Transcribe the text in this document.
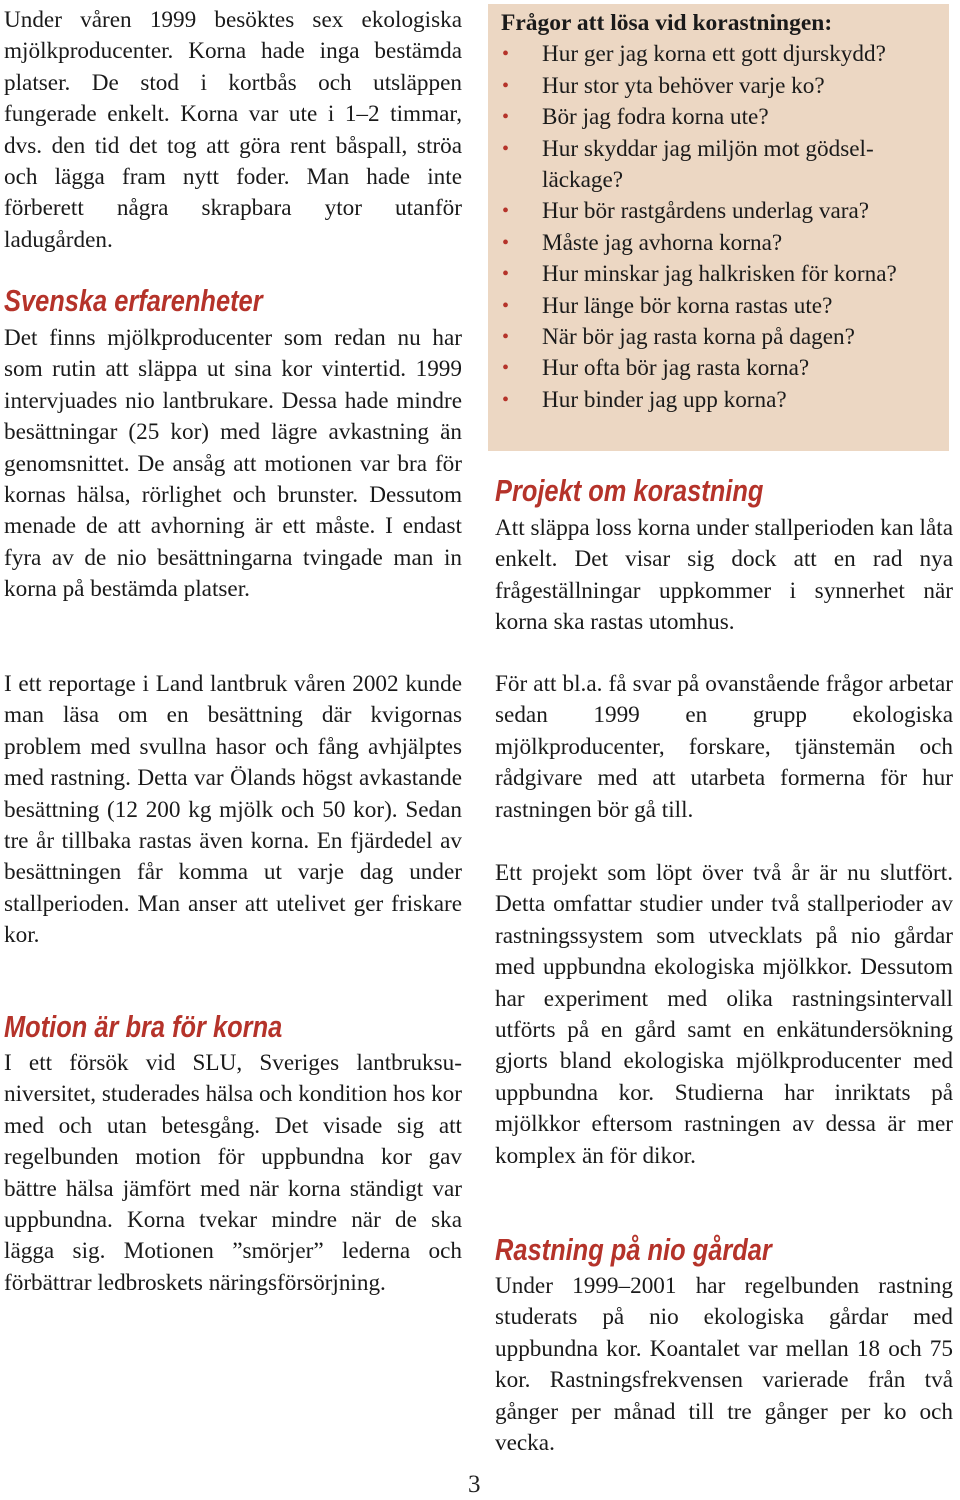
Under våren 1999 besöktes sex ekologiska mjölkproducenter. Korna hade inga bestämda platser. De stod i kortbås och utsläppen fungerade enkelt. Korna var ute i 1–2 timmar, dvs. den tid det tog att göra rent båspall, ströa och lägga fram nytt foder. Man hade inte förberett några skrapbara ytor utanför ladugården.

Svenska erfarenheter

Det finns mjölkproducenter som redan nu har som rutin att släppa ut sina kor vintertid. 1999 intervjuades nio lantbrukare. Dessa hade mindre besättningar (25 kor) med lägre avkastning än genomsnittet. De ansåg att motionen var bra för kornas hälsa, rörlighet och brunster. Dessutom menade de att avhorning är ett måste. I endast fyra av de nio besättningarna tvingade man in korna på bestämda platser.

I ett reportage i Land lantbruk våren 2002 kunde man läsa om en besättning där kvigornas problem med svullna hasor och fång avhjälptes med rastning. Detta var Ölands högst avkastande besättning (12 200 kg mjölk och 50 kor). Sedan tre år tillbaka rastas även korna. En fjärdedel av besättningen får komma ut varje dag under stallperioden. Man anser att utelivet ger friskare kor.

Motion är bra för korna

I ett försök vid SLU, Sveriges lantbruksuniversitet, studerades hälsa och kondition hos kor med och utan betesgång. Det visade sig att regelbunden motion för uppbundna kor gav bättre hälsa jämfört med när korna ständigt var uppbundna. Korna tvekar mindre när de ska lägga sig. Motionen ”smörjer” lederna och förbättrar ledbroskets näringsförsörjning.

Frågor att lösa vid korastningen:

• Hur ger jag korna ett gott djurskydd?
• Hur stor yta behöver varje ko?
• Bör jag fodra korna ute?
• Hur skyddar jag miljön mot gödselläckage?
• Hur bör rastgårdens underlag vara?
• Måste jag avhorna korna?
• Hur minskar jag halkrisken för korna?
• Hur länge bör korna rastas ute?
• När bör jag rasta korna på dagen?
• Hur ofta bör jag rasta korna?
• Hur binder jag upp korna?
Projekt om korastning

Att släppa loss korna under stallperioden kan låta enkelt. Det visar sig dock att en rad nya frågeställningar uppkommer i synnerhet när korna ska rastas utomhus.

För att bl.a. få svar på ovanstående frågor arbetar sedan 1999 en grupp ekologiska mjölkproducenter, forskare, tjänstemän och rådgivare med att utarbeta formerna för hur rastningen bör gå till.

Ett projekt som löpt över två år är nu slutfört. Detta omfattar studier under två stallperioder av rastningssystem som utvecklats på nio gårdar med uppbundna ekologiska mjölkkor. Dessutom har experiment med olika rastningsintervall utförts på en gård samt en enkätundersökning gjorts bland ekologiska mjölkproducenter med uppbundna kor. Studierna har inriktats på mjölkkor eftersom rastningen av dessa är mer komplex än för dikor.

Rastning på nio gårdar

Under 1999–2001 har regelbunden rastning studerats på nio ekologiska gårdar med uppbundna kor. Koantalet var mellan 18 och 75 kor. Rastningsfrekvensen varierade från två gånger per månad till tre gånger per ko och vecka.

3
